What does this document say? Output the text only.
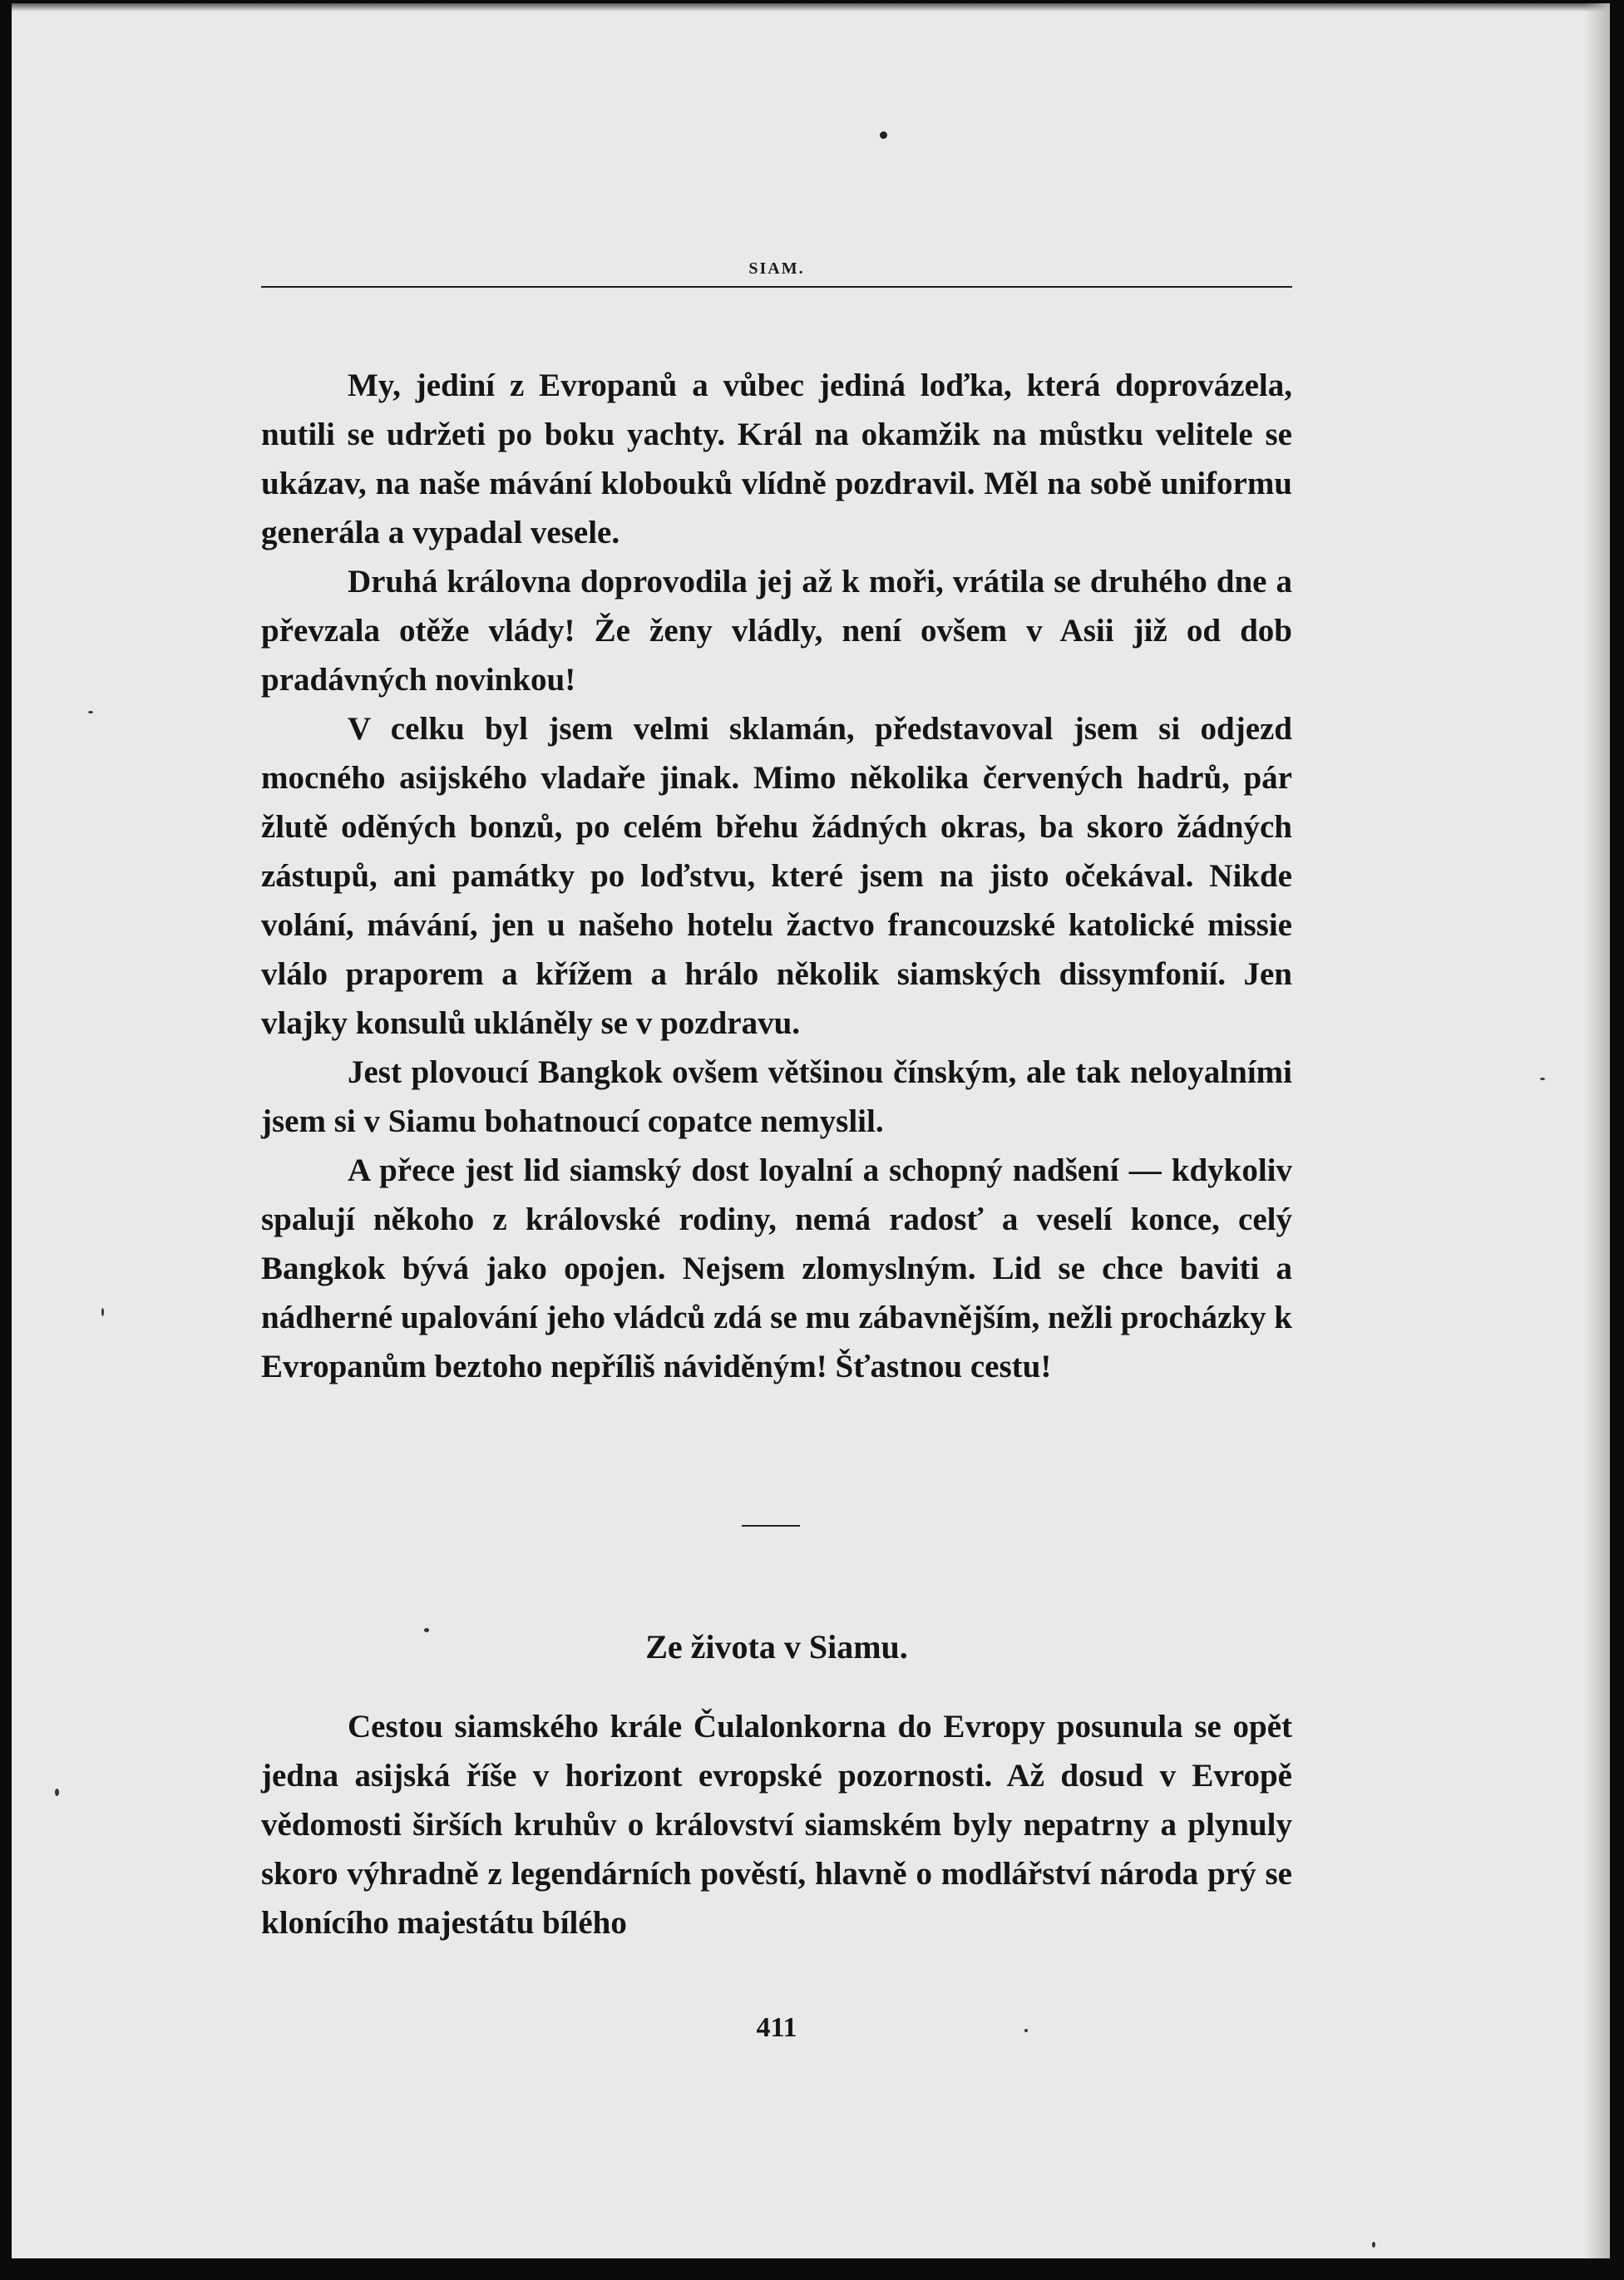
SIAM.

My, jediní z Evropanů a vůbec jediná loďka, která doprovázela, nutili se udržeti po boku yachty. Král na okamžik na můstku velitele se ukázav, na naše mávání klobouků vlídně pozdravil. Měl na sobě uniformu generála a vypadal vesele.

Druhá královna doprovodila jej až k moři, vrátila se druhého dne a převzala otěže vlády! Že ženy vládly, není ovšem v Asii již od dob pradávných novinkou!

V celku byl jsem velmi sklamán, představoval jsem si odjezd mocného asijského vladaře jinak. Mimo několika červených hadrů, pár žlutě oděných bonzů, po celém břehu žádných okras, ba skoro žádných zástupů, ani památky po loďstvu, které jsem na jisto očekával. Nikde volání, mávání, jen u našeho hotelu žactvo francouzské katolické missie vlálo praporem a křížem a hrálo několik siamských dissymfonií. Jen vlajky konsulů ukláněly se v pozdravu.

Jest plovoucí Bangkok ovšem většinou čínským, ale tak neloyalními jsem si v Siamu bohatnoucí copatce nemyslil.

A přece jest lid siamský dost loyalní a schopný nadšení — kdykoliv spalují někoho z královské rodiny, nemá radosť a veselí konce, celý Bangkok bývá jako opojen. Nejsem zlomyslným. Lid se chce baviti a nádherné upalování jeho vládců zdá se mu zábavnějším, nežli procházky k Evropanům beztoho nepříliš náviděným! Šťastnou cestu!

Ze života v Siamu.

Cestou siamského krále Čulalonkorna do Evropy posunula se opět jedna asijská říše v horizont evropské pozornosti. Až dosud v Evropě vědomosti širších kruhův o království siamském byly nepatrny a plynuly skoro výhradně z legendárních pověstí, hlavně o modlářství národa prý se klonícího majestátu bílého

411
